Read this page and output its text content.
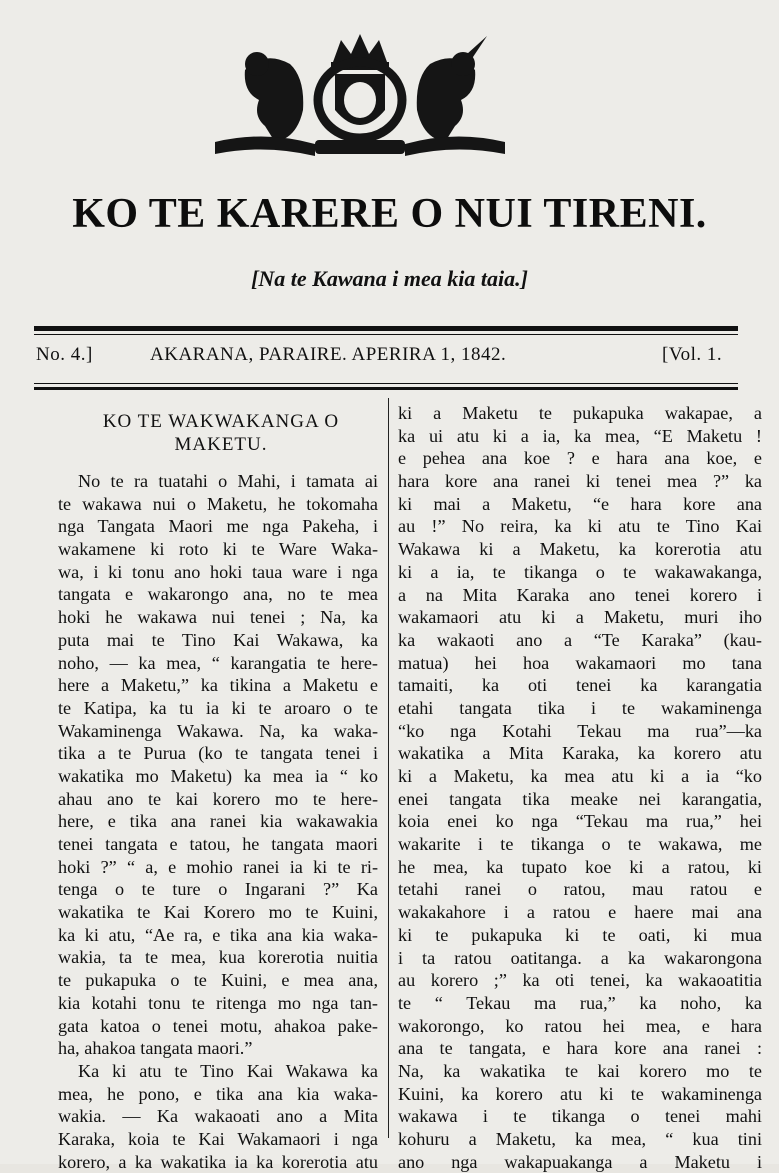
KO TE KARERE O NUI TIRENI.
[Na te Kawana i mea kia taia.]
No. 4.]	AKARANA, PARAIRE. APERIRA 1, 1842.	[Vol. 1.
KO TE WAKWAKANGA O
MAKETU.
No te ra tuatahi o Mahi, i tamata ai
te wakawa nui o Maketu, he tokomaha
nga Tangata Maori me nga Pakeha, i
wakamene ki roto ki te Ware Waka-
wa, i ki tonu ano hoki taua ware i nga
tangata e wakarongo ana, no te mea
hoki he wakawa nui tenei ; Na, ka
puta mai te Tino Kai Wakawa, ka
noho, — ka mea, “ karangatia te here-
here a Maketu,” ka tikina a Maketu e
te Katipa, ka tu ia ki te aroaro o te
Wakaminenga Wakawa. Na, ka waka-
tika a te Purua (ko te tangata tenei i
wakatika mo Maketu) ka mea ia “ ko
ahau ano te kai korero mo te here-
here, e tika ana ranei kia wakawakia
tenei tangata e tatou, he tangata maori
hoki ?” “ a, e mohio ranei ia ki te ri-
tenga o te ture o Ingarani ?” Ka
wakatika te Kai Korero mo te Kuini,
ka ki atu, “Ae ra, e tika ana kia waka-
wakia, ta te mea, kua korerotia nuitia
te pukapuka o te Kuini, e mea ana,
kia kotahi tonu te ritenga mo nga tan-
gata katoa o tenei motu, ahakoa pake-
ha, ahakoa tangata maori.”
Ka ki atu te Tino Kai Wakawa ka
mea, he pono, e tika ana kia waka-
wakia. — Ka wakaoati ano a Mita
Karaka, koia te Kai Wakamaori i nga
korero, a ka wakatika ia ka korerotia atu
ki a Maketu te pukapuka wakapae, a
ka ui atu ki a ia, ka mea, “E Maketu !
e pehea ana koe ? e hara ana koe, e
hara kore ana ranei ki tenei mea ?” ka
ki mai a Maketu, “e hara kore ana
au !” No reira, ka ki atu te Tino Kai
Wakawa ki a Maketu, ka korerotia atu
ki a ia, te tikanga o te wakawakanga,
a na Mita Karaka ano tenei korero i
wakamaori atu ki a Maketu, muri iho
ka wakaoti ano a “Te Karaka” (kau-
matua) hei hoa wakamaori mo tana
tamaiti, ka oti tenei ka karangatia
etahi tangata tika i te wakaminenga
“ko nga Kotahi Tekau ma rua”—ka
wakatika a Mita Karaka, ka korero atu
ki a Maketu, ka mea atu ki a ia “ko
enei tangata tika meake nei karangatia,
koia enei ko nga “Tekau ma rua,” hei
wakarite i te tikanga o te wakawa, me
he mea, ka tupato koe ki a ratou, ki
tetahi ranei o ratou, mau ratou e
wakakahore i a ratou e haere mai ana
ki te pukapuka ki te oati, ki mua
i ta ratou oatitanga. a ka wakarongona
au korero ;” ka oti tenei, ka wakaoatitia
te “ Tekau ma rua,” ka noho, ka
wakorongo, ko ratou hei mea, e hara
ana te tangata, e hara kore ana ranei :
Na, ka wakatika te kai korero mo te
Kuini, ka korero atu ki te wakaminenga
wakawa i te tikanga o tenei mahi
kohuru a Maketu, ka mea, “ kua tini
ano nga wakapuakanga a Maketu i
